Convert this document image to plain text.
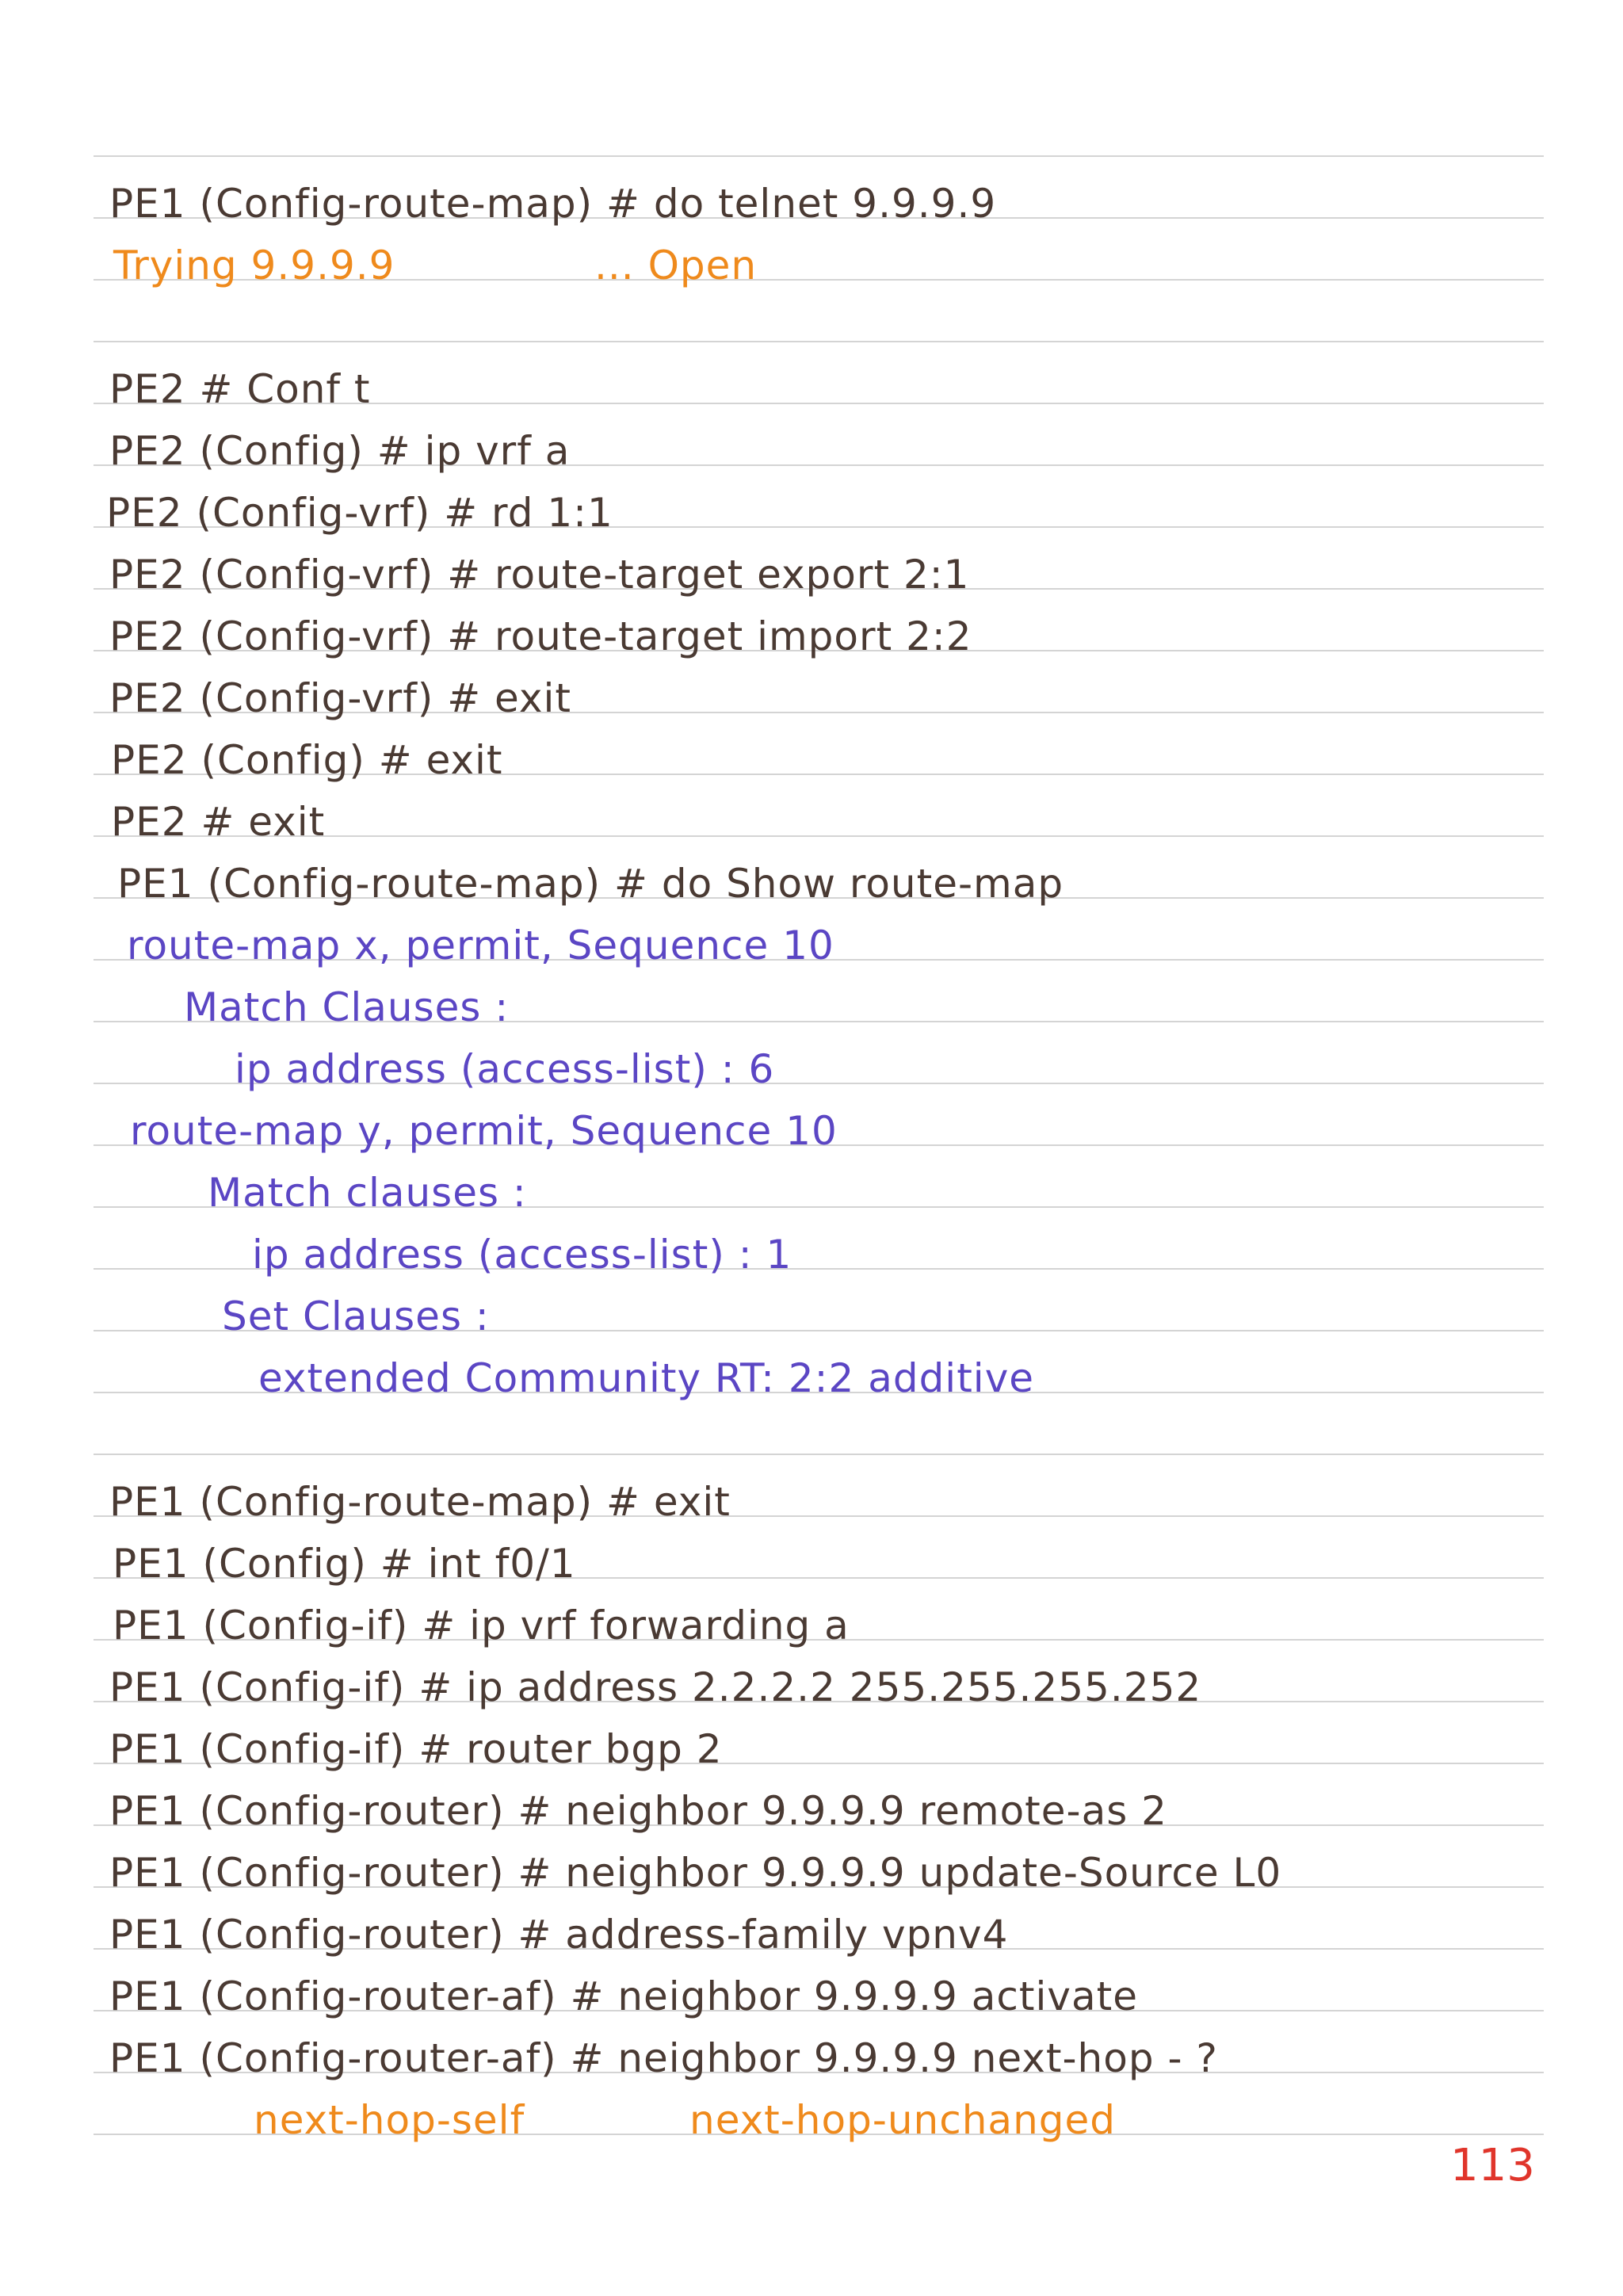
PE1 (Config-route-map) # do telnet 9.9.9.9
Trying 9.9.9.9	... Open
PE2 # Conf t
PE2 (Config) # ip vrf a
PE2 (Config-vrf) # rd 1:1
PE2 (Config-vrf) # route-target export 2:1
PE2 (Config-vrf) # route-target import 2:2
PE2 (Config-vrf) # exit
PE2 (Config) # exit
PE2 # exit
PE1 (Config-route-map) # do Show route-map
route-map x, permit, Sequence 10
Match Clauses :
ip address (access-list) : 6
route-map y, permit, Sequence 10
Match clauses :
ip address (access-list) : 1
Set Clauses :
extended Community RT: 2:2 additive
PE1 (Config-route-map) # exit
PE1 (Config) # int f0/1
PE1 (Config-if) # ip vrf forwarding a
PE1 (Config-if) # ip address 2.2.2.2 255.255.255.252
PE1 (Config-if) # router bgp 2
PE1 (Config-router) # neighbor 9.9.9.9 remote-as 2
PE1 (Config-router) # neighbor 9.9.9.9 update-Source L0
PE1 (Config-router) # address-family vpnv4
PE1 (Config-router-af) # neighbor 9.9.9.9 activate
PE1 (Config-router-af) # neighbor 9.9.9.9 next-hop - ?
next-hop-self	next-hop-unchanged
113
